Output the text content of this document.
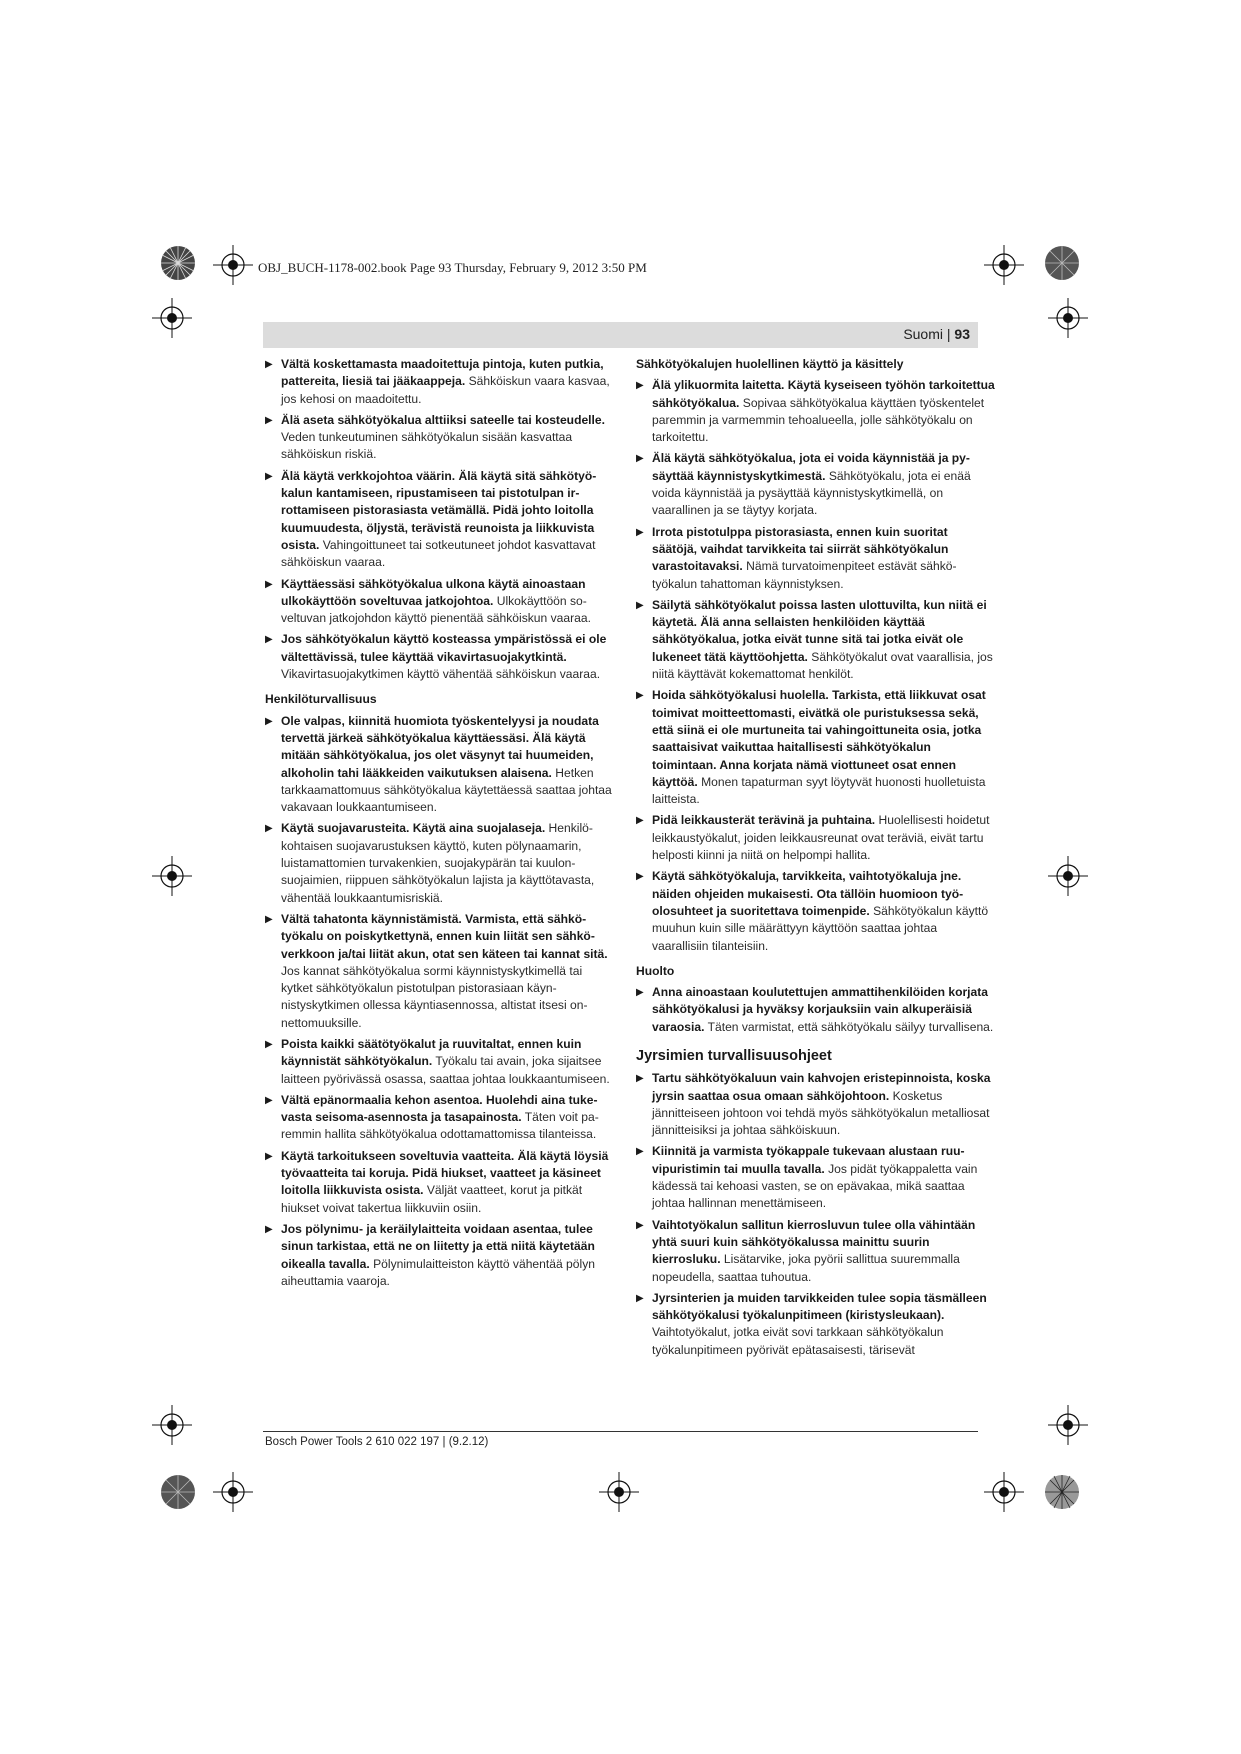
OBJ_BUCH-1178-002.book Page 93 Thursday, February 9, 2012 3:50 PM
Suomi | 93
▶ Vältä koskettamasta maadoitettuja pintoja, kuten putkia, pattereita, liesiä tai jääkaappeja. Sähköiskun vaara kasvaa, jos kehosi on maadoitettu.
▶ Älä aseta sähkötyökalua alttiiksi sateelle tai kosteudelle. Veden tunkeutuminen sähkötyökalun sisään kasvattaa sähköiskun riskiä.
▶ Älä käytä verkkojohtoa väärin. Älä käytä sitä sähkötyökalun kantamiseen, ripustamiseen tai pistotulpan irrottamiseen pistorasiasta vetämällä. Pidä johto loitolla kuumuudesta, öljystä, terävistä reunoista ja liikkuvista osista. Vahingoittuneet tai sotkeutuneet johdot kasvattavat sähköiskun vaaraa.
▶ Käyttäessäsi sähkötyökalua ulkona käytä ainoastaan ulkokäyttöön soveltuvaa jatkojohtoa. Ulkokäyttöön soveltuvan jatkojohdon käyttö pienentää sähköiskun vaaraa.
▶ Jos sähkötyökalun käyttö kosteassa ympäristössä ei ole vältettävissä, tulee käyttää vikavirtasuojakytkintä. Vikavirtasuojakytkimen käyttö vähentää sähköiskun vaaraa.
Henkilöturvallisuus
▶ Ole valpas, kiinnitä huomiota työskentelyysi ja noudata tervettä järkeä sähkötyökalua käyttäessäsi. Älä käytä mitään sähkötyökalua, jos olet väsynyt tai huumeiden, alkoholin tahi lääkkeiden vaikutuksen alaisena. Hetken tarkkaamattomuus sähkötyökalua käytettäessä saattaa johtaa vakavaan loukkaantumiseen.
▶ Käytä suojavarusteita. Käytä aina suojalaseja. Henkilökohtaisen suojavarustuksen käyttö, kuten pölynaamarin, luistamattomien turvakenkien, suojakypärän tai kuulonsuojaimien, riippuen sähkötyökalun lajista ja käyttötavasta, vähentää loukkaantumisriskiä.
▶ Vältä tahatonta käynnistämistä. Varmista, että sähkötyökalu on poiskytkettynä, ennen kuin liität sen sähköverkkoon ja/tai liität akun, otat sen käteen tai kannat sitä. Jos kannat sähkötyökalua sormi käynnistyskytkimellä tai kytket sähkötyökalun pistotulpan pistorasiaan käynnistyskytkimen ollessa käyntiasennossa, altistat itsesi onnettomuuksille.
▶ Poista kaikki säätötyökalut ja ruuvitaltat, ennen kuin käynnistät sähkötyökalun. Työkalu tai avain, joka sijaitsee laitteen pyörivässä osassa, saattaa johtaa loukkaantumiseen.
▶ Vältä epänormaalia kehon asentoa. Huolehdi aina tukevasta seisoma-asennosta ja tasapainosta. Täten voit paremmin hallita sähkötyökalua odottamattomissa tilanteissa.
▶ Käytä tarkoitukseen soveltuvia vaatteita. Älä käytä löysiä työvaatteita tai koruja. Pidä hiukset, vaatteet ja käsineet loitolla liikkuvista osista. Väljät vaatteet, korut ja pitkät hiukset voivat takertua liikkuviin osiin.
▶ Jos pölynimu- ja keräilylaitteita voidaan asentaa, tulee sinun tarkistaa, että ne on liitetty ja että niitä käytetään oikealla tavalla. Pölynimulaitteiston käyttö vähentää pölyn aiheuttamia vaaroja.
Sähkötyökalujen huolellinen käyttö ja käsittely
▶ Älä ylikuormita laitetta. Käytä kyseiseen työhön tarkoitettua sähkötyökalua. Sopivaa sähkötyökalua käyttäen työskentelet paremmin ja varmemmin tehoalueella, jolle sähkötyökalu on tarkoitettu.
▶ Älä käytä sähkötyökalua, jota ei voida käynnistää ja pysäyttää käynnistyskytkimestä. Sähkötyökalu, jota ei enää voida käynnistää ja pysäyttää käynnistyskytkimellä, on vaarallinen ja se täytyy korjata.
▶ Irrota pistotulppa pistorasiasta, ennen kuin suoritat säätöjä, vaihdat tarvikkeita tai siirrät sähkötyökalun varastoitavaksi. Nämä turvatoimenpiteet estävät sähkötyökalun tahattoman käynnistyksen.
▶ Säilytä sähkötyökalut poissa lasten ulottuvilta, kun niitä ei käytetä. Älä anna sellaisten henkilöiden käyttää sähkötyökalua, jotka eivät tunne sitä tai jotka eivät ole lukeneet tätä käyttöohjetta. Sähkötyökalut ovat vaarallisia, jos niitä käyttävät kokemattomat henkilöt.
▶ Hoida sähkötyökalusi huolella. Tarkista, että liikkuvat osat toimivat moitteettomasti, eivätkä ole puristuksessa sekä, että siinä ei ole murtuneita tai vahingoittuneita osia, jotka saattaisivat vaikuttaa haitallisesti sähkötyökalun toimintaan. Anna korjata nämä viottuneet osat ennen käyttöä. Monen tapaturman syyt löytyvät huonosti huolletuista laitteista.
▶ Pidä leikkausterät terävinä ja puhtaina. Huolellisesti hoidetut leikkaustyökalut, joiden leikkausreunat ovat teräviä, eivät tartu helposti kiinni ja niitä on helpompi hallita.
▶ Käytä sähkötyökaluja, tarvikkeita, vaihtotyökaluja jne. näiden ohjeiden mukaisesti. Ota tällöin huomioon työolosuhteet ja suoritettava toimenpide. Sähkötyökalun käyttö muuhun kuin sille määrättyyn käyttöön saattaa johtaa vaarallisiin tilanteisiin.
Huolto
▶ Anna ainoastaan koulutettujen ammattihenkilöiden korjata sähkötyökalusi ja hyväksy korjauksiin vain alkuperäisiä varaosia. Täten varmistat, että sähkötyökalu säilyy turvallisena.
Jyrsimien turvallisuusohjeet
▶ Tartu sähkötyökaluun vain kahvojen eristepinnoista, koska jyrsin saattaa osua omaan sähköjohtoon. Kosketus jännitteiseen johtoon voi tehdä myös sähkötyökalun metalliosat jännitteisiksi ja johtaa sähköiskuun.
▶ Kiinnitä ja varmista työkappale tukevaan alustaan ruuvipuristimin tai muulla tavalla. Jos pidät työkappaletta vain kädessä tai kehoasi vasten, se on epävakaa, mikä saattaa johtaa hallinnan menettämiseen.
▶ Vaihtotyökalun sallitun kierrosluvun tulee olla vähintään yhtä suuri kuin sähkötyökalussa mainittu suurin kierrosluku. Lisätarvike, joka pyörii sallittua suuremmalla nopeudella, saattaa tuhoutua.
▶ Jyrsinterien ja muiden tarvikkeiden tulee sopia täsmälleen sähkötyökalusi työkalunpitimeen (kiristysleukaan). Vaihtotyökalut, jotka eivät sovi tarkkaan sähkötyökalun työkalunpitimeen pyörivät epätasaisesti, tärisevät
Bosch Power Tools 2 610 022 197 | (9.2.12)
